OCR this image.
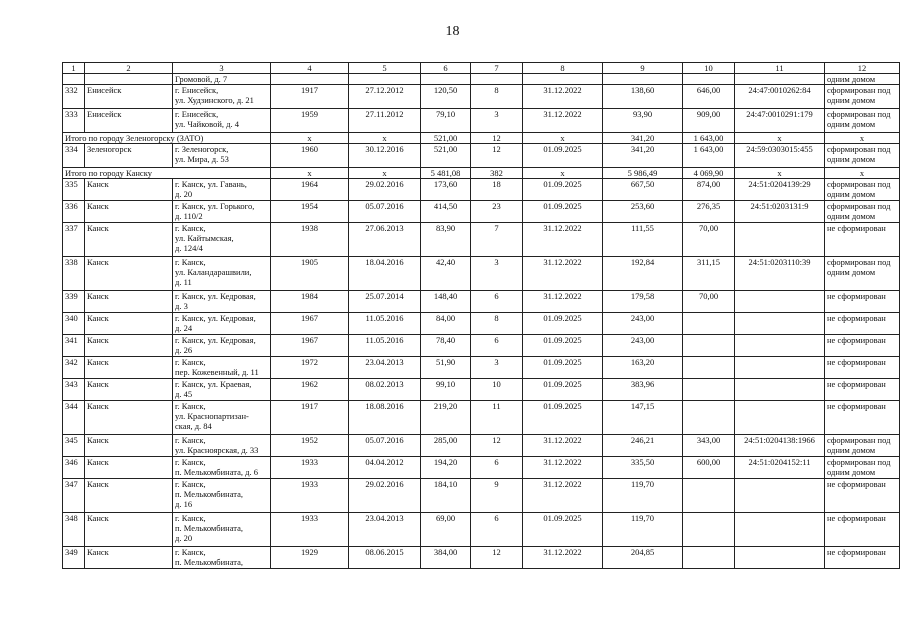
18
1	2	3	4	5	6	7	8	9	10	11	12
		Громовой, д. 7									одним домом
332	Енисейск	г. Енисейск,
ул. Худзинского, д. 21	1917	27.12.2012	120,50	8	31.12.2022	138,60	646,00	24:47:0010262:84	сформирован под одним домом
333	Енисейск	г. Енисейск,
ул. Чайковой, д. 4	1959	27.11.2012	79,10	3	31.12.2022	93,90	909,00	24:47:0010291:179	сформирован под одним домом
Итого по городу Зеленогорску (ЗАТО)			х	х	521,00	12	х	341,20	1 643,00	х	х
334	Зеленогорск	г. Зеленогорск,
ул. Мира, д. 53	1960	30.12.2016	521,00	12	01.09.2025	341,20	1 643,00	24:59:0303015:455	сформирован под одним домом
Итого по городу Канску			х	х	5 481,08	382	х	5 986,49	4 069,90	х	х
335	Канск	г. Канск, ул. Гавань,
д. 20	1964	29.02.2016	173,60	18	01.09.2025	667,50	874,00	24:51:0204139:29	сформирован под одним домом
336	Канск	г. Канск, ул. Горького,
д. 110/2	1954	05.07.2016	414,50	23	01.09.2025	253,60	276,35	24:51:0203131:9	сформирован под одним домом
337	Канск	г. Канск,
ул. Кайтымская,
д. 124/4	1938	27.06.2013	83,90	7	31.12.2022	111,55	70,00		не сформирован
338	Канск	г. Канск,
ул. Каландарашвили,
д. 11	1905	18.04.2016	42,40	3	31.12.2022	192,84	311,15	24:51:0203110:39	сформирован под одним домом
339	Канск	г. Канск, ул. Кедровая,
д. 3	1984	25.07.2014	148,40	6	31.12.2022	179,58	70,00		не сформирован
340	Канск	г. Канск, ул. Кедровая,
д. 24	1967	11.05.2016	84,00	8	01.09.2025	243,00			не сформирован
341	Канск	г. Канск, ул. Кедровая,
д. 26	1967	11.05.2016	78,40	6	01.09.2025	243,00			не сформирован
342	Канск	г. Канск,
пер. Кожевенный, д. 11	1972	23.04.2013	51,90	3	01.09.2025	163,20			не сформирован
343	Канск	г. Канск, ул. Краевая,
д. 45	1962	08.02.2013	99,10	10	01.09.2025	383,96			не сформирован
344	Канск	г. Канск,
ул. Краснопартизан-
ская, д. 84	1917	18.08.2016	219,20	11	01.09.2025	147,15			не сформирован
345	Канск	г. Канск,
ул. Красноярская, д. 33	1952	05.07.2016	285,00	12	31.12.2022	246,21	343,00	24:51:0204138:1966	сформирован под одним домом
346	Канск	г. Канск,
п. Мелькомбината, д. 6	1933	04.04.2012	194,20	6	31.12.2022	335,50	600,00	24:51:0204152:11	сформирован под одним домом
347	Канск	г. Канск,
п. Мелькомбината,
д. 16	1933	29.02.2016	184,10	9	31.12.2022	119,70			не сформирован
348	Канск	г. Канск,
п. Мелькомбината,
д. 20	1933	23.04.2013	69,00	6	01.09.2025	119,70			не сформирован
349	Канск	г. Канск,
п. Мелькомбината,	1929	08.06.2015	384,00	12	31.12.2022	204,85			не сформирован
